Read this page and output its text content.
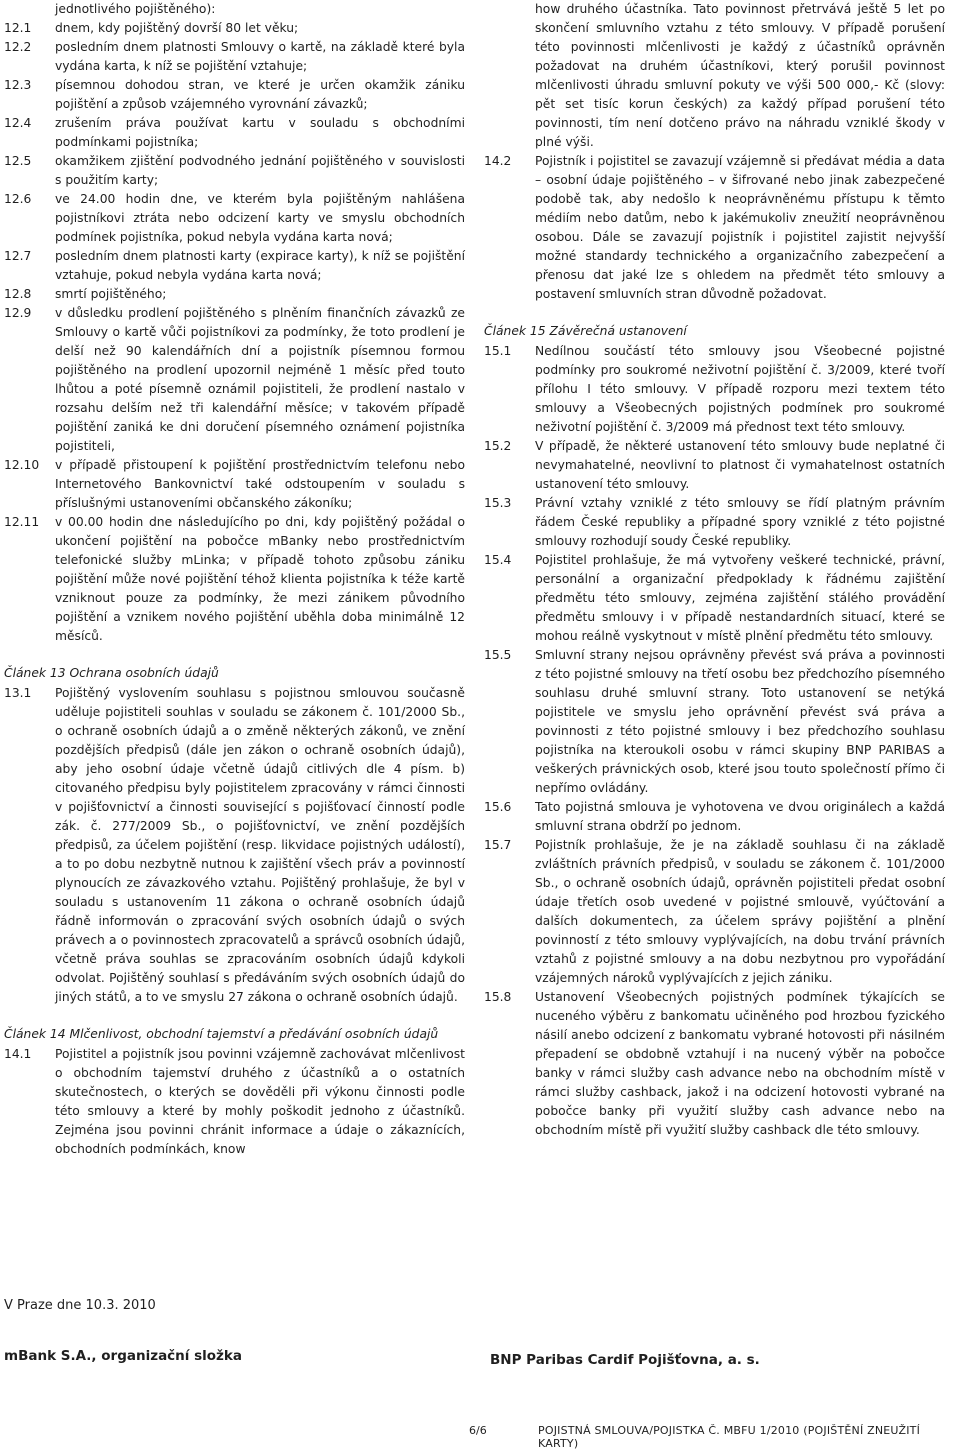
jednotlivého pojištěného):
12.1	dnem, kdy pojištěný dovrší 80 let věku;
12.2	posledním dnem platnosti Smlouvy o kartě, na základě které byla vydána karta, k níž se pojištění vztahuje;
12.3	písemnou dohodou stran, ve které je určen okamžik zániku pojištění a způsob vzájemného vyrovnání závazků;
12.4	zrušením práva používat kartu v souladu s obchodními podmínkami pojistníka;
12.5	okamžikem zjištění podvodného jednání pojištěného v souvislosti s použitím karty;
12.6	ve 24.00 hodin dne, ve kterém byla pojištěným nahlášena pojistníkovi ztráta nebo odcizení karty ve smyslu obchodních podmínek pojistníka, pokud nebyla vydána karta nová;
12.7	posledním dnem platnosti karty (expirace karty), k níž se pojištění vztahuje, pokud nebyla vydána karta nová;
12.8	smrtí pojištěného;
12.9	v důsledku prodlení pojištěného s plněním finančních závazků ze Smlouvy o kartě vůči pojistníkovi za podmínky, že toto prodlení je delší než 90 kalendářních dní a pojistník písemnou formou pojištěného na prodlení upozornil nejméně 1 měsíc před touto lhůtou a poté písemně oznámil pojistiteli, že prodlení nastalo v rozsahu delším než tři kalendářní měsíce; v takovém případě pojištění zaniká ke dni doručení písemného oznámení pojistníka pojistiteli,
12.10	v případě přistoupení k pojištění prostřednictvím telefonu nebo Internetového Bankovnictví také odstoupením v souladu s příslušnými ustanoveními občanského zákoníku;
12.11	v 00.00 hodin dne následujícího po dni, kdy pojištěný požádal o ukončení pojištění na pobočce mBanky nebo prostřednictvím telefonické služby mLinka; v případě tohoto způsobu zániku pojištění může nové pojištění téhož klienta pojistníka k téže kartě vzniknout pouze za podmínky, že mezi zánikem původního pojištění a vznikem nového pojištění uběhla doba minimálně 12 měsíců.
Článek 13 Ochrana osobních údajů
13.1	Pojištěný vyslovením souhlasu s pojistnou smlouvou současně uděluje pojistiteli souhlas v souladu se zákonem č. 101/2000 Sb., o ochraně osobních údajů a o změně některých zákonů, ve znění pozdějších předpisů (dále jen zákon o ochraně osobních údajů), aby jeho osobní údaje včetně údajů citlivých dle 4 písm. b) citovaného předpisu byly pojistitelem zpracovány v rámci činnosti v pojišťovnictví a činnosti související s pojišťovací činností podle zák. č. 277/2009 Sb., o pojišťovnictví, ve znění pozdějších předpisů, za účelem pojištění (resp. likvidace pojistných událostí), a to po dobu nezbytně nutnou k zajištění všech práv a povinností plynoucích ze závazkového vztahu. Pojištěný prohlašuje, že byl v souladu s ustanovením 11 zákona o ochraně osobních údajů řádně informován o zpracování svých osobních údajů o svých právech a o povinnostech zpracovatelů a správců osobních údajů, včetně práva souhlas se zpracováním osobních údajů kdykoli odvolat. Pojištěný souhlasí s předáváním svých osobních údajů do jiných států, a to ve smyslu 27 zákona o ochraně osobních údajů.
Článek 14 Mlčenlivost, obchodní tajemství a předávání osobních údajů
14.1	Pojistitel a pojistník jsou povinni vzájemně zachovávat mlčenlivost o obchodním tajemství druhého z účastníků a o ostatních skutečnostech, o kterých se dověděli při výkonu činnosti podle této smlouvy a které by mohly poškodit jednoho z účastníků. Zejména jsou povinni chránit informace a údaje o zákaznících, obchodních podmínkách, know
how druhého účastníka. Tato povinnost přetrvává ještě 5 let po skončení smluvního vztahu z této smlouvy. V případě porušení této povinnosti mlčenlivosti je každý z účastníků oprávněn požadovat na druhém účastníkovi, který porušil povinnost mlčenlivosti úhradu smluvní pokuty ve výši 500 000,- Kč (slovy: pět set tisíc korun českých) za každý případ porušení této povinnosti, tím není dotčeno právo na náhradu vzniklé škody v plné výši.
14.2	Pojistník i pojistitel se zavazují vzájemně si předávat média a data – osobní údaje pojištěného – v šifrované nebo jinak zabezpečené podobě tak, aby nedošlo k neoprávněnému přístupu k těmto médiím nebo datům, nebo k jakémukoliv zneužití neoprávněnou osobou. Dále se zavazují pojistník i pojistitel zajistit nejvyšší možné standardy technického a organizačního zabezpečení a přenosu dat jaké lze s ohledem na předmět této smlouvy a postavení smluvních stran důvodně požadovat.
Článek 15 Závěrečná ustanovení
15.1	Nedílnou součástí této smlouvy jsou Všeobecné pojistné podmínky pro soukromé neživotní pojištění č. 3/2009, které tvoří přílohu I této smlouvy. V případě rozporu mezi textem této smlouvy a Všeobecných pojistných podmínek pro soukromé neživotní pojištění č. 3/2009 má přednost text této smlouvy.
15.2	V případě, že některé ustanovení této smlouvy bude neplatné či nevymahatelné, neovlivní to platnost či vymahatelnost ostatních ustanovení této smlouvy.
15.3	Právní vztahy vzniklé z této smlouvy se řídí platným právním řádem České republiky a případné spory vzniklé z této pojistné smlouvy rozhodují soudy České republiky.
15.4	Pojistitel prohlašuje, že má vytvořeny veškeré technické, právní, personální a organizační předpoklady k řádnému zajištění předmětu této smlouvy, zejména zajištění stálého provádění předmětu smlouvy i v případě nestandardních situací, které se mohou reálně vyskytnout v místě plnění předmětu této smlouvy.
15.5	Smluvní strany nejsou oprávněny převést svá práva a povinnosti z této pojistné smlouvy na třetí osobu bez předchozího písemného souhlasu druhé smluvní strany. Toto ustanovení se netýká pojistitele ve smyslu jeho oprávnění převést svá práva a povinnosti z této pojistné smlouvy i bez předchozího souhlasu pojistníka na kteroukoli osobu v rámci skupiny BNP PARIBAS a veškerých právnických osob, které jsou touto společností přímo či nepřímo ovládány.
15.6	Tato pojistná smlouva je vyhotovena ve dvou originálech a každá smluvní strana obdrží po jednom.
15.7	Pojistník prohlašuje, že je na základě souhlasu či na základě zvláštních právních předpisů, v souladu se zákonem č. 101/2000 Sb., o ochraně osobních údajů, oprávněn pojistiteli předat osobní údaje třetích osob uvedené v pojistné smlouvě, vyúčtování a dalších dokumentech, za účelem správy pojištění a plnění povinností z této smlouvy vyplývajících, na dobu trvání právních vztahů z pojistné smlouvy a na dobu nezbytnou pro vypořádání vzájemných nároků vyplývajících z jejich zániku.
15.8	Ustanovení Všeobecných pojistných podmínek týkajících se nuceného výběru z bankomatu učiněného pod hrozbou fyzického násilí anebo odcizení z bankomatu vybrané hotovosti při násilném přepadení se obdobně vztahují i na nucený výběr na pobočce banky v rámci služby cash advance nebo na obchodním místě v rámci služby cashback, jakož i na odcizení hotovosti vybrané na pobočce banky při využití služby cash advance nebo na obchodním místě při využití služby cashback dle této smlouvy.
V Praze dne 10.3. 2010
mBank S.A., organizační složka	BNP Paribas Cardif Pojišťovna, a. s.
6/6	POJISTNÁ SMLOUVA/POJISTKA Č. MBFU 1/2010 (POJIŠTĚNÍ ZNEUŽITÍ KARTY)
